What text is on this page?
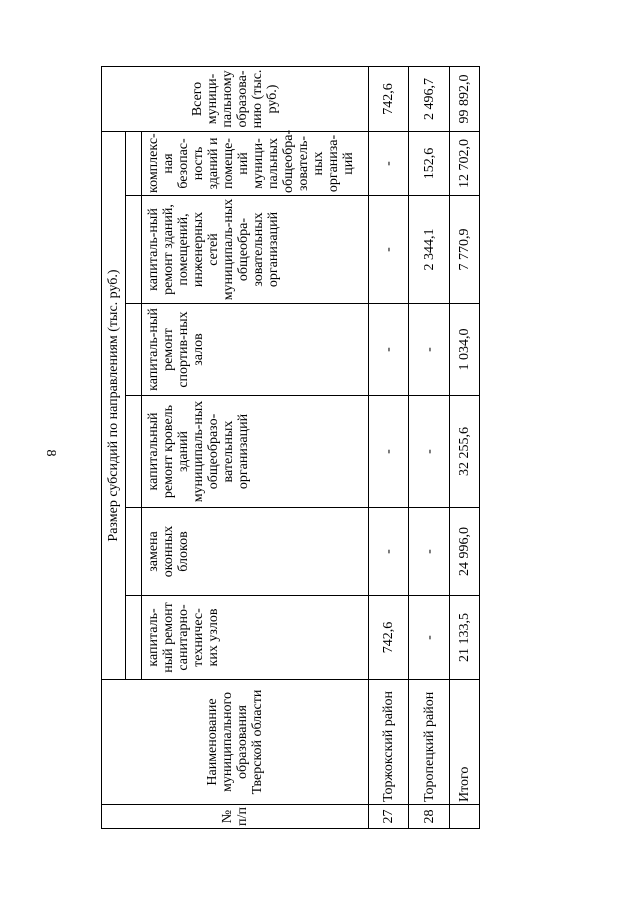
8
№ п/п	Наименование муниципального образования Тверской области	Размер субсидий по направлениям (тыс. руб.)						Всего муници-пальному образова-нию (тыс. руб.)

		капиталь-ный ремонт санитарно-техничес-ких узлов	замена оконных блоков	капитальный ремонт кровель зданий муниципаль-ных общеобразо-вательных организаций	капиталь-ный ремонт спортив-ных залов	капиталь-ный ремонт зданий, помещений, инженерных сетей муниципаль-ных общеобра-зовательных организаций	комплекс-ная безопас-ность зданий и помеще-ний муници-пальных общеобра-зователь-ных организа-ций	
27	Торжокский район	742,6	-	-	-	-	-	742,6
28	Торопецкий район	-	-	-	-	2 344,1	152,6	2 496,7
	Итого	21 133,5	24 996,0	32 255,6	1 034,0	7 770,9	12 702,0	99 892,0
